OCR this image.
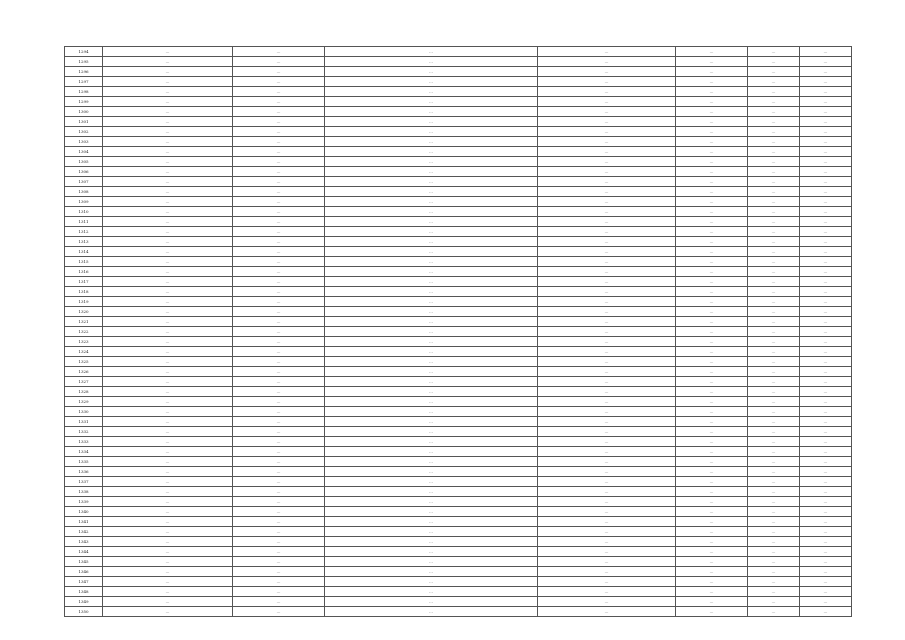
1294	…	…	…	…	…	…	…
1295	…	…	…	…	…	…	…
1296	…	…	…	…	…	…	…
1297	…	…	…	…	…	…	…
1298	…	…	…	…	…	…	…
1299	…	…	…	…	…	…	…
1300	…	…	…	…	…	…	…
1301	…	…	…	…	…	…	…
1302	…	…	…	…	…	…	…
1303	…	…	…	…	…	…	…
1304	…	…	…	…	…	…	…
1305	…	…	…	…	…	…	…
1306	…	…	…	…	…	…	…
1307	…	…	…	…	…	…	…
1308	…	…	…	…	…	…	…
1309	…	…	…	…	…	…	…
1310	…	…	…	…	…	…	…
1311	…	…	…	…	…	…	…
1312	…	…	…	…	…	…	…
1313	…	…	…	…	…	…	…
1314	…	…	…	…	…	…	…
1315	…	…	…	…	…	…	…
1316	…	…	…	…	…	…	…
1317	…	…	…	…	…	…	…
1318	…	…	…	…	…	…	…
1319	…	…	…	…	…	…	…
1320	…	…	…	…	…	…	…
1321	…	…	…	…	…	…	…
1322	…	…	…	…	…	…	…
1323	…	…	…	…	…	…	…
1324	…	…	…	…	…	…	…
1325	…	…	…	…	…	…	…
1326	…	…	…	…	…	…	…
1327	…	…	…	…	…	…	…
1328	…	…	…	…	…	…	…
1329	…	…	…	…	…	…	…
1330	…	…	…	…	…	…	…
1331	…	…	…	…	…	…	…
1332	…	…	…	…	…	…	…
1333	…	…	…	…	…	…	…
1334	…	…	…	…	…	…	…
1335	…	…	…	…	…	…	…
1336	…	…	…	…	…	…	…
1337	…	…	…	…	…	…	…
1338	…	…	…	…	…	…	…
1339	…	…	…	…	…	…	…
1340	…	…	…	…	…	…	…
1341	…	…	…	…	…	…	…
1342	…	…	…	…	…	…	…
1343	…	…	…	…	…	…	…
1344	…	…	…	…	…	…	…
1345	…	…	…	…	…	…	…
1346	…	…	…	…	…	…	…
1347	…	…	…	…	…	…	…
1348	…	…	…	…	…	…	…
1349	…	…	…	…	…	…	…
1350	…	…	…	…	…	…	…
